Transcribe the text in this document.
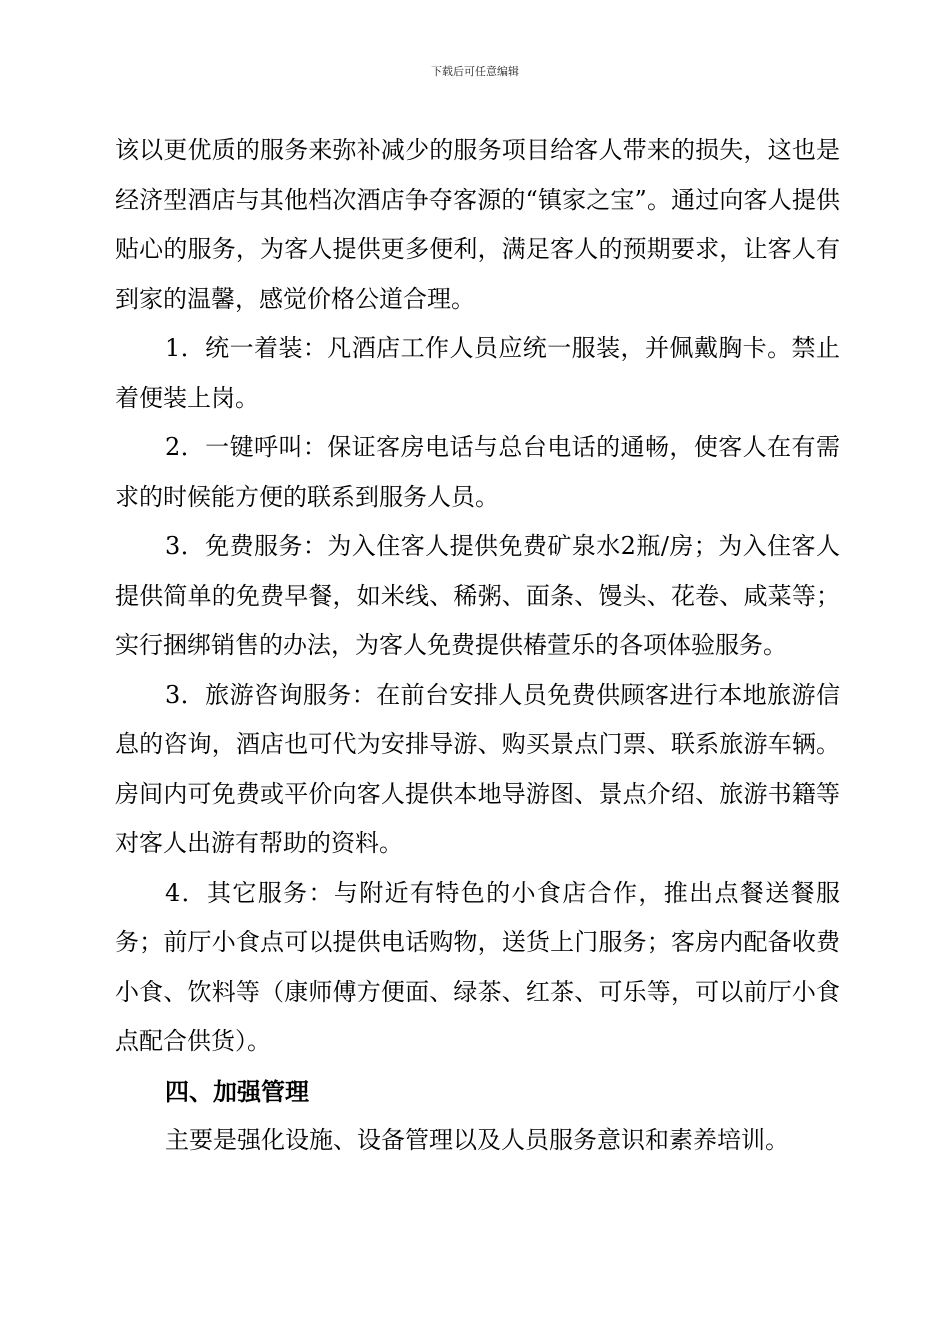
下载后可任意编辑

该以更优质的服务来弥补减少的服务项目给客人带来的损失，这也是经济型酒店与其他档次酒店争夺客源的“镇家之宝”。通过向客人提供贴心的服务，为客人提供更多便利，满足客人的预期要求，让客人有到家的温馨，感觉价格公道合理。

1．统一着装：凡酒店工作人员应统一服装，并佩戴胸卡。禁止着便装上岗。

2．一键呼叫：保证客房电话与总台电话的通畅，使客人在有需求的时候能方便的联系到服务人员。

3．免费服务：为入住客人提供免费矿泉水2瓶/房；为入住客人提供简单的免费早餐，如米线、稀粥、面条、馒头、花卷、咸菜等；实行捆绑销售的办法，为客人免费提供椿萱乐的各项体验服务。

3．旅游咨询服务：在前台安排人员免费供顾客进行本地旅游信息的咨询，酒店也可代为安排导游、购买景点门票、联系旅游车辆。房间内可免费或平价向客人提供本地导游图、景点介绍、旅游书籍等对客人出游有帮助的资料。

4．其它服务：与附近有特色的小食店合作，推出点餐送餐服务；前厅小食点可以提供电话购物，送货上门服务；客房内配备收费小食、饮料等（康师傅方便面、绿茶、红茶、可乐等，可以前厅小食点配合供货）。

四、加强管理

主要是强化设施、设备管理以及人员服务意识和素养培训。
